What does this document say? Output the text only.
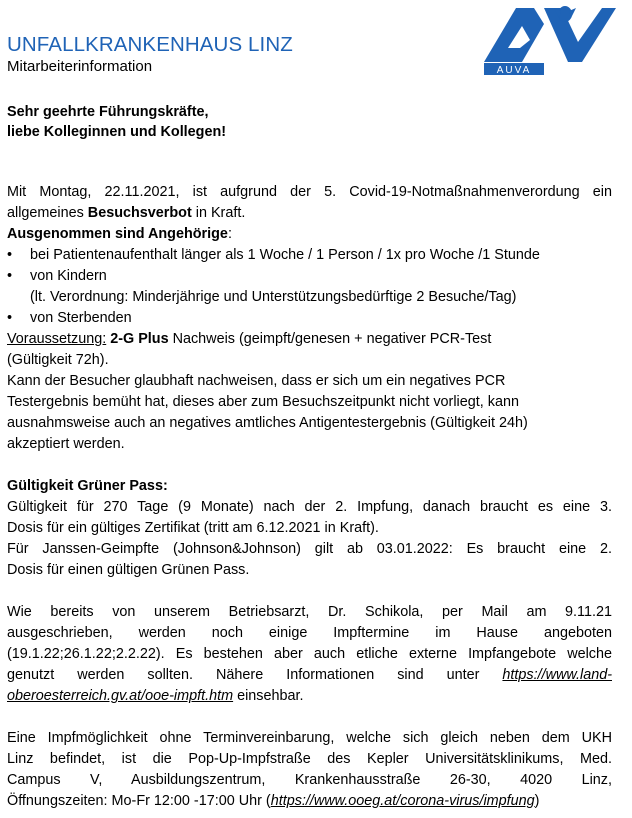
UNFALLKRANKENHAUS LINZ
Mitarbeiterinformation	AUVA
Sehr geehrte Führungskräfte,
liebe Kolleginnen und Kollegen!

Mit Montag, 22.11.2021, ist aufgrund der 5. Covid-19-Notmaßnahmenverordung ein
allgemeines Besuchsverbot in Kraft.

Ausgenommen sind Angehörige:

• bei Patientenaufenthalt länger als 1 Woche / 1 Person / 1x pro Woche /1 Stunde
• von Kindern
(lt. Verordnung: Minderjährige und Unterstützungsbedürftige 2 Besuche/Tag)
• von Sterbenden

Voraussetzung: 2-G Plus Nachweis (geimpft/genesen + negativer PCR-Test
(Gültigkeit 72h).
Kann der Besucher glaubhaft nachweisen, dass er sich um ein negatives PCR
Testergebnis bemüht hat, dieses aber zum Besuchszeitpunkt nicht vorliegt, kann
ausnahmsweise auch an negatives amtliches Antigentestergebnis (Gültigkeit 24h)
akzeptiert werden.

Gültigkeit Grüner Pass:

Gültigkeit für 270 Tage (9 Monate) nach der 2. Impfung, danach braucht es eine 3.
Dosis für ein gültiges Zertifikat (tritt am 6.12.2021 in Kraft).
Für Janssen-Geimpfte (Johnson&Johnson) gilt ab 03.01.2022: Es braucht eine 2.
Dosis für einen gültigen Grünen Pass.

Wie bereits von unserem Betriebsarzt, Dr. Schikola, per Mail am 9.11.21
ausgeschrieben, werden noch einige Impftermine im Hause angeboten
(19.1.22;26.1.22;2.2.22). Es bestehen aber auch etliche externe Impfangebote welche
genutzt werden sollten. Nähere Informationen sind unter https://www.land-
oberoesterreich.gv.at/ooe-impft.htm einsehbar.

Eine Impfmöglichkeit ohne Terminvereinbarung, welche sich gleich neben dem UKH
Linz befindet, ist die Pop-Up-Impfstraße des Kepler Universitätsklinikums, Med.
Campus V, Ausbildungszentrum, Krankenhausstraße 26-30, 4020 Linz,
Öffnungszeiten: Mo-Fr 12:00 -17:00 Uhr (https://www.ooeg.at/corona-virus/impfung)
